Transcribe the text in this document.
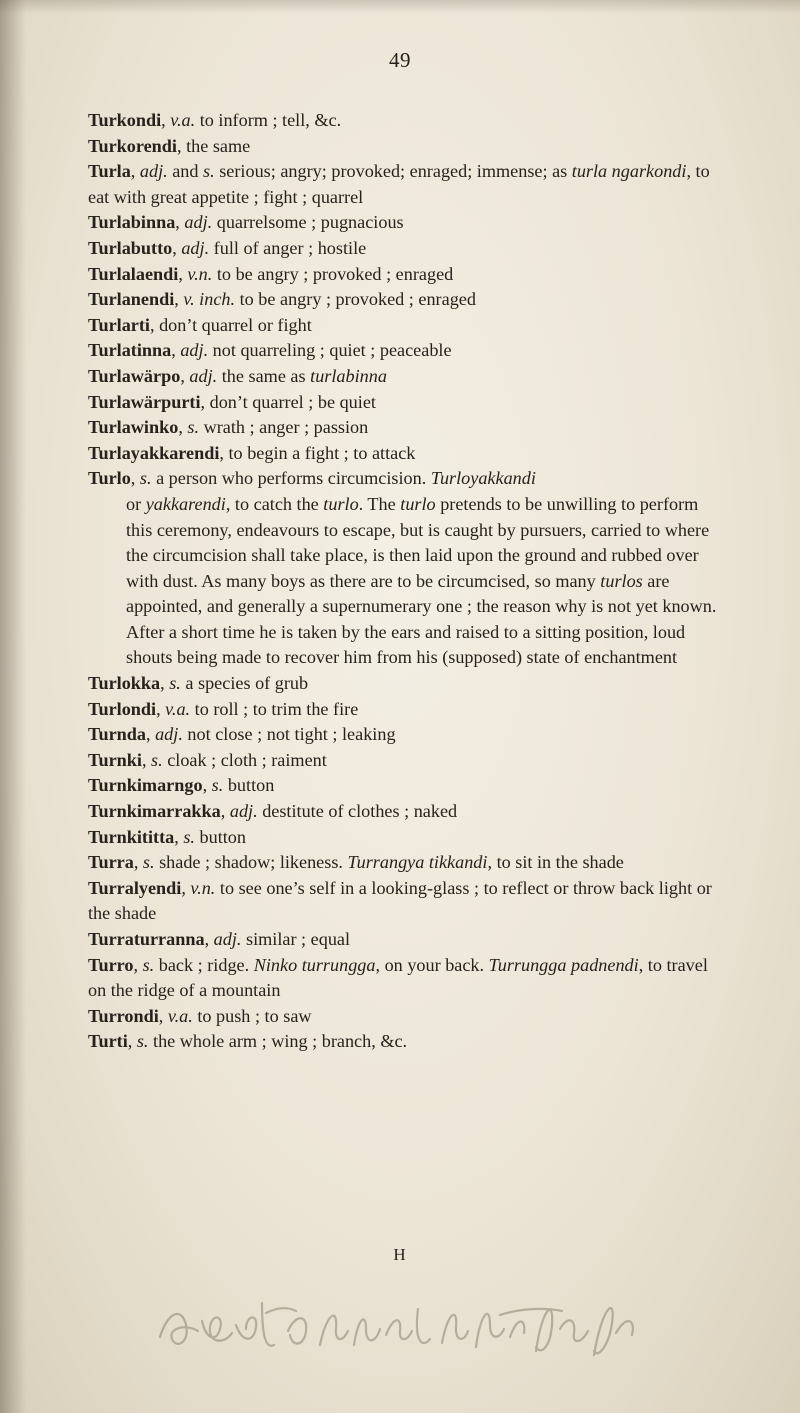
49
Turkondi, v.a. to inform ; tell, &c.
Turkorendi, the same
Turla, adj. and s. serious; angry; provoked; enraged; immense; as turla ngarkondi, to eat with great appetite ; fight ; quarrel
Turlabinna, adj. quarrelsome ; pugnacious
Turlabutto, adj. full of anger ; hostile
Turlalaendi, v.n. to be angry ; provoked ; enraged
Turlanendi, v. inch. to be angry ; provoked ; enraged
Turlarti, don’t quarrel or fight
Turlatinna, adj. not quarreling ; quiet ; peaceable
Turlawärpo, adj. the same as turlabinna
Turlawärpurti, don’t quarrel ; be quiet
Turlawinko, s. wrath ; anger ; passion
Turlayakkarendi, to begin a fight ; to attack
Turlo, s. a person who performs circumcision. Turloyakkandi
or yakkarendi, to catch the turlo. The turlo pretends to be unwilling to perform this ceremony, endeavours to escape, but is caught by pursuers, carried to where the circumcision shall take place, is then laid upon the ground and rubbed over with dust. As many boys as there are to be circumcised, so many turlos are appointed, and generally a supernumerary one ; the reason why is not yet known. After a short time he is taken by the ears and raised to a sitting position, loud shouts being made to recover him from his (supposed) state of enchantment
Turlokka, s. a species of grub
Turlondi, v.a. to roll ; to trim the fire
Turnda, adj. not close ; not tight ; leaking
Turnki, s. cloak ; cloth ; raiment
Turnkimarngo, s. button
Turnkimarrakka, adj. destitute of clothes ; naked
Turnkititta, s. button
Turra, s. shade ; shadow; likeness. Turrangya tikkandi, to sit in the shade
Turralyendi, v.n. to see one’s self in a looking-glass ; to reflect or throw back light or the shade
Turraturranna, adj. similar ; equal
Turro, s. back ; ridge. Ninko turrungga, on your back. Turrungga padnendi, to travel on the ridge of a mountain
Turrondi, v.a. to push ; to saw
Turti, s. the whole arm ; wing ; branch, &c.
H
